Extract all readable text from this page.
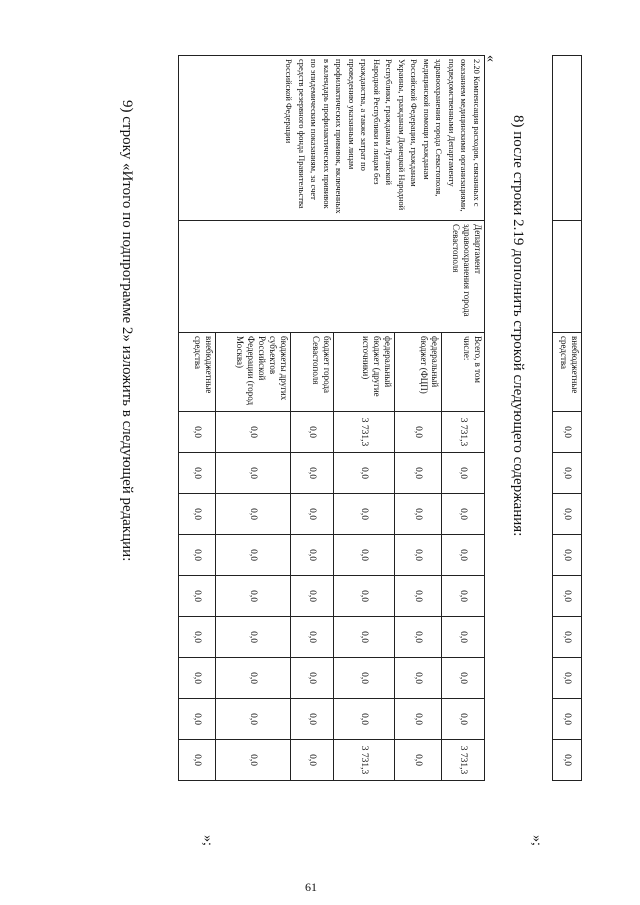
		внебюджетные средства	0,0	0,0	0,0	0,0	0,0	0,0	0,0	0,0	0,0
»;
8) после строки 2.19 дополнить строкой следующего содержания:
«
2.20 Компенсация расходов, связанных с оказанием медицинскими организациями, подведомственными Департаменту здравоохранения города Севастополя, медицинской помощи гражданам Российской Федерации, гражданам Украины, гражданам Донецкой Народной Республики, гражданам Луганской Народной Республики и лицам без гражданства, а также затрат по проведению указанным лицам профилактических прививок, включенных в календарь профилактических прививок по эпидемическим показаниям, за счет средств резервного фонда Правительства Российской Федерации	Департамент здравоохранения города Севастополя	Всего, в том числе:	3 731,3	0,0	0,0	0,0	0,0	0,0	0,0	0,0	3 731,3
		федеральный бюджет (ФЦП)	0,0	0,0	0,0	0,0	0,0	0,0	0,0	0,0	0,0
		федеральный бюджет (другие источники)	3 731,3	0,0	0,0	0,0	0,0	0,0	0,0	0,0	3 731,3
		бюджет города Севастополя	0,0	0,0	0,0	0,0	0,0	0,0	0,0	0,0	0,0
		бюджеты других субъектов Российской Федерации (город Москва)	0,0	0,0	0,0	0,0	0,0	0,0	0,0	0,0	0,0
		внебюджетные средства	0,0	0,0	0,0	0,0	0,0	0,0	0,0	0,0	0,0
»;
9) строку «Итого по подпрограмме 2» изложить в следующей редакции:
61
